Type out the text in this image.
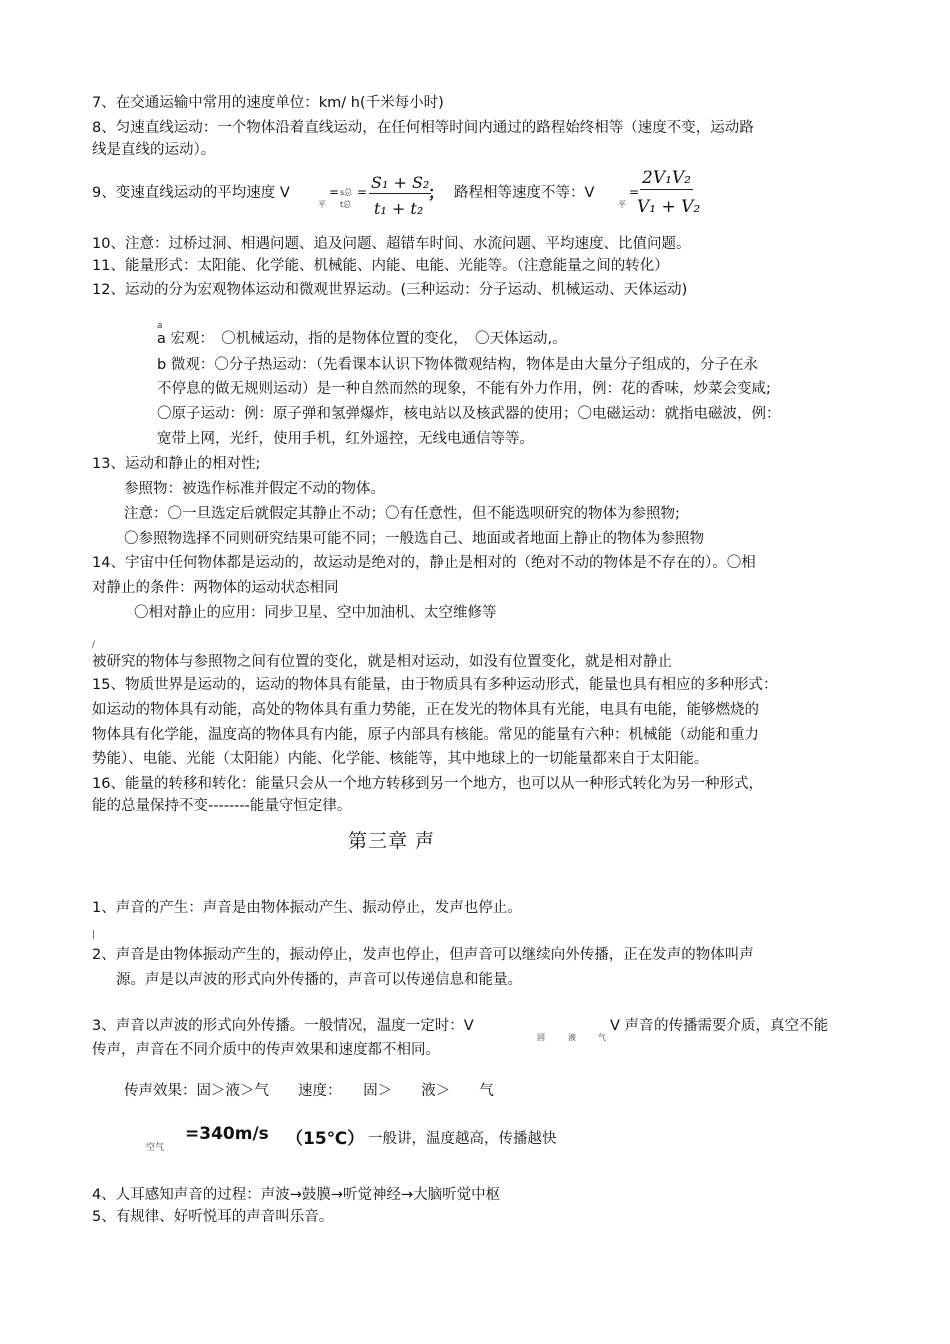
7、在交通运输中常用的速度单位：km/ h(千米每小时)
8、匀速直线运动：一个物体沿着直线运动，在任何相等时间内通过的路程始终相等（速度不变，运动路
线是直线的运动）。
9、变速直线运动的平均速度 V
平
= s总
t总
= S₁ + S₂
t₁ + t₂
； 路程相等速度不等：V
平
=
2V₁V₂
V₁ + V₂
10、注意：过桥过洞、相遇问题、追及问题、超错车时间、水流问题、平均速度、比值问题。
11、能量形式：太阳能、化学能、机械能、内能、电能、光能等。（注意能量之间的转化）
12、运动的分为宏观物体运动和微观世界运动。(三种运动：分子运动、机械运动、天体运动)
a
a 宏观：　〇机械运动，指的是物体位置的变化，　〇天体运动,。
b 微观：〇分子热运动：（先看课本认识下物体微观结构，物体是由大量分子组成的，分子在永
不停息的做无规则运动）是一种自然而然的现象，不能有外力作用，例：花的香味，炒菜会变咸;
〇原子运动：例：原子弹和氢弹爆炸，核电站以及核武器的使用；〇电磁运动：就指电磁波，例：
宽带上网，光纤，使用手机，红外遥控，无线电通信等等。
13、运动和静止的相对性;
参照物：被选作标准并假定不动的物体。
注意：〇一旦选定后就假定其静止不动；〇有任意性，但不能选呗研究的物体为参照物;
〇参照物选择不同则研究结果可能不同；一般选自己、地面或者地面上静止的物体为参照物
14、宇宙中任何物体都是运动的，故运动是绝对的，静止是相对的（绝对不动的物体是不存在的）。〇相
对静止的条件：两物体的运动状态相同
〇相对静止的应用：同步卫星、空中加油机、太空维修等
/
被研究的物体与参照物之间有位置的变化，就是相对运动，如没有位置变化，就是相对静止
15、物质世界是运动的，运动的物体具有能量，由于物质具有多种运动形式，能量也具有相应的多种形式：
如运动的物体具有动能，高处的物体具有重力势能，正在发光的物体具有光能，电具有电能，能够燃烧的
物体具有化学能，温度高的物体具有内能，原子内部具有核能。常见的能量有六种：机械能（动能和重力
势能）、电能、光能（太阳能）内能、化学能、核能等，其中地球上的一切能量都来自于太阳能。
16、能量的转移和转化：能量只会从一个地方转移到另一个地方，也可以从一种形式转化为另一种形式，
能的总量保持不变--------能量守恒定律。
第三章 声
1、声音的产生：声音是由物体振动产生、振动停止，发声也停止。
|
2、声音是由物体振动产生的，振动停止，发声也停止，但声音可以继续向外传播，正在发声的物体叫声
源。声是以声波的形式向外传播的，声音可以传递信息和能量。
3、声音以声波的形式向外传播。一般情况，温度一定时：V
固	液	气
V 声音 的传播需要介质，真空不能
传声，声音在不同介质中的传声效果和速度都不相同。
传声效果：固＞液＞气　　速度：　　固＞　　液＞　　气
空气
=340m/s （15℃） 一般讲，温度越高，传播越快
4、人耳感知声音的过程：声波→鼓膜→听觉神经→大脑听觉中枢
5、有规律、好听悦耳的声音叫乐音。
